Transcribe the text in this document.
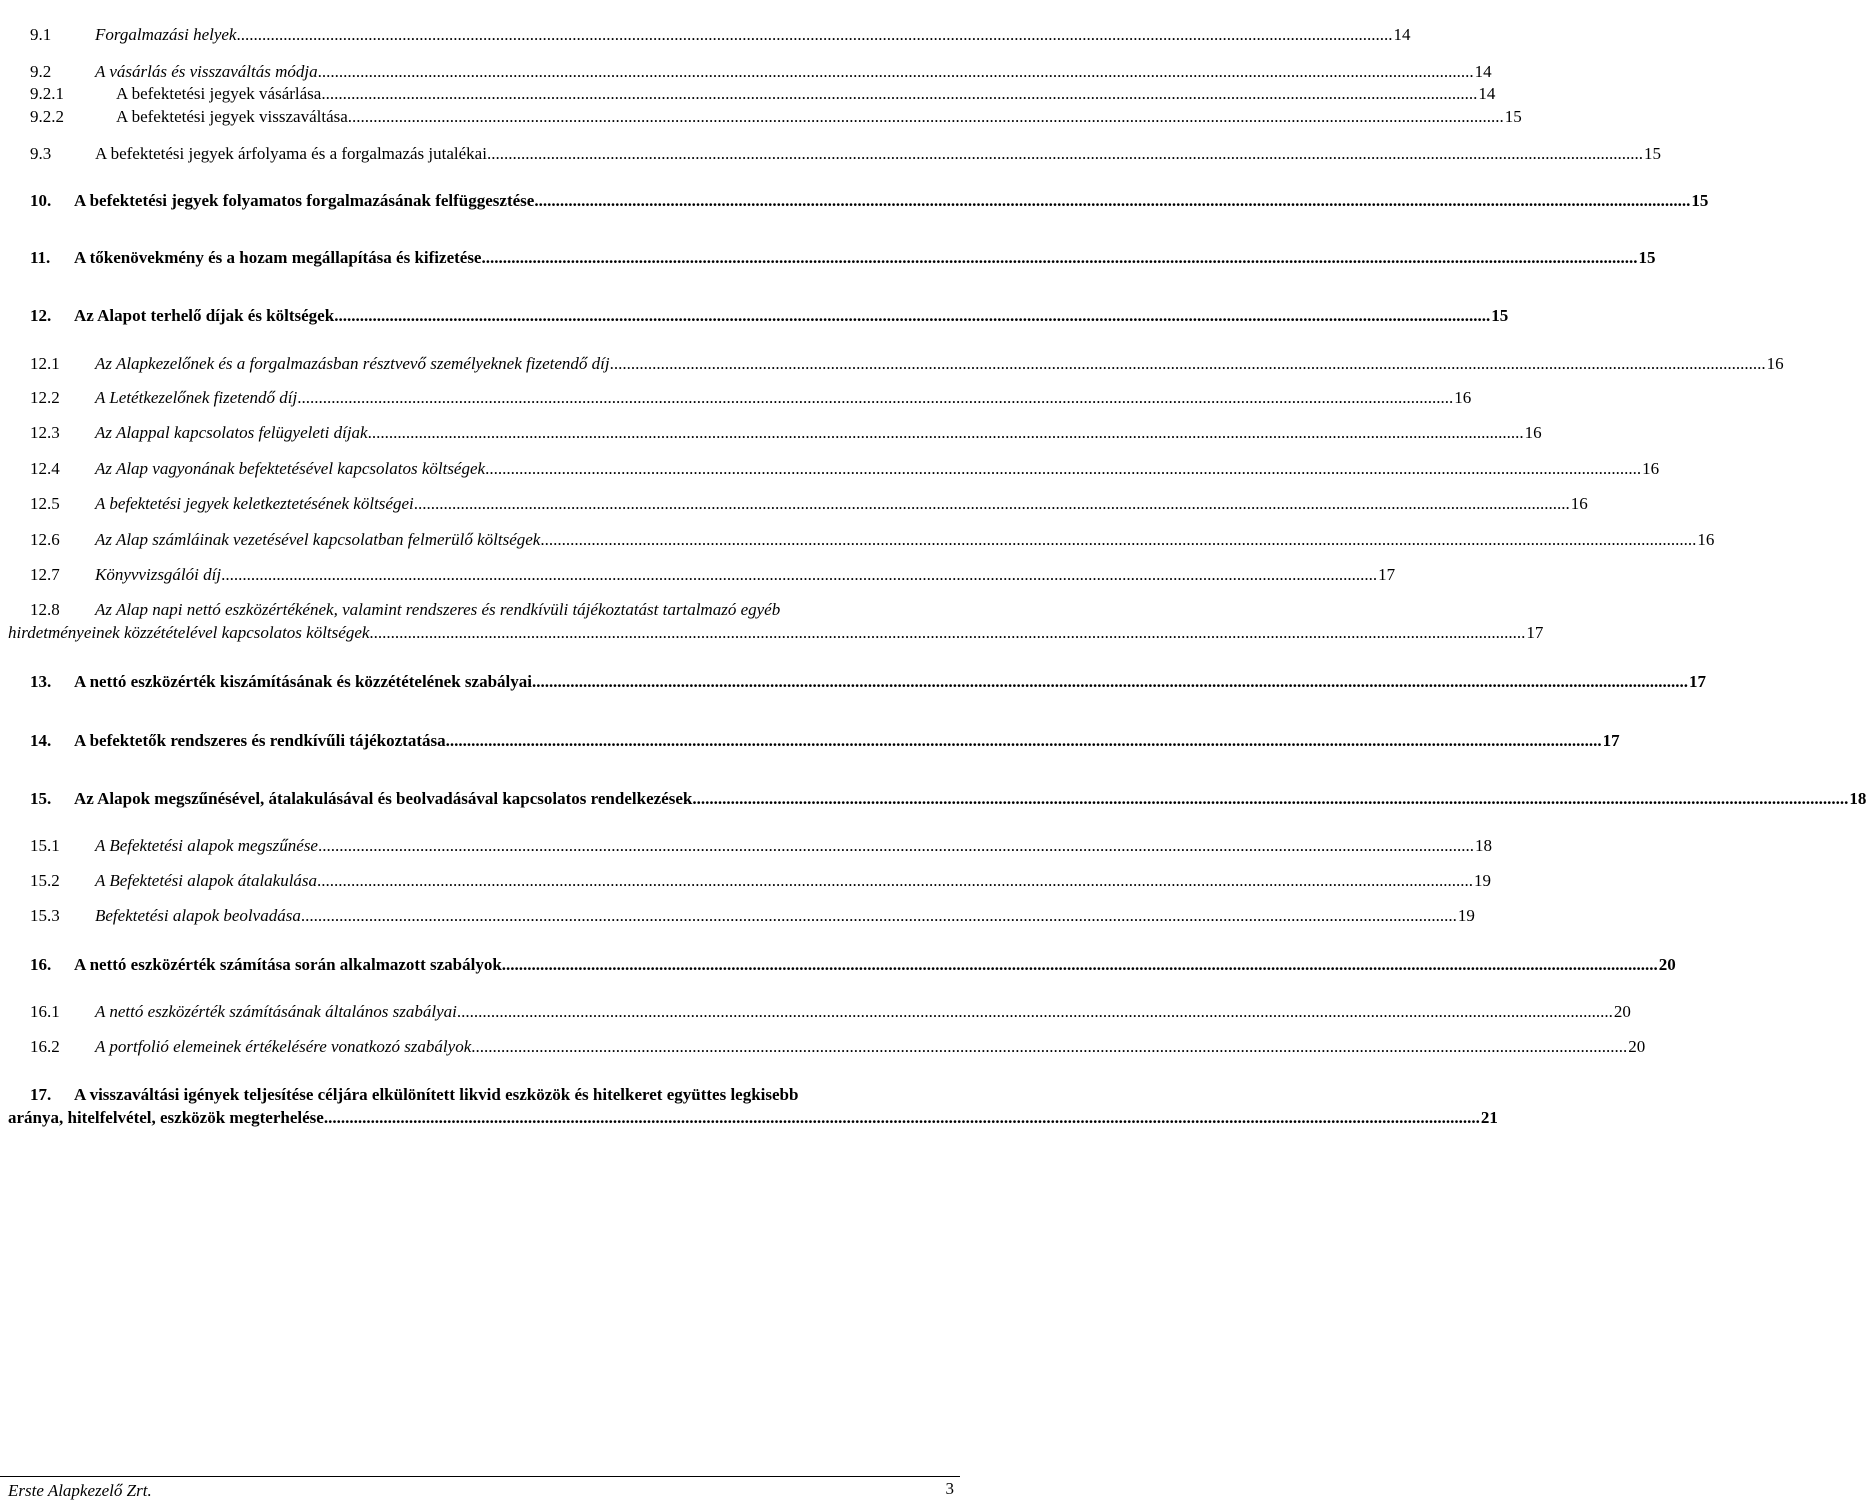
9.1	Forgalmazási helyek .....	14
9.2	A vásárlás és visszaváltás módja .....	14
9.2.1	A befektetési jegyek vásárlása .....	14
9.2.2	A befektetési jegyek visszaváltása .....	15
9.3	A befektetési jegyek árfolyama és a forgalmazás jutalékai .....	15
10.	A befektetési jegyek folyamatos forgalmazásának felfüggesztése .....	15
11.	A tőkenövekmény és a hozam megállapítása és kifizetése .....	15
12.	Az Alapot terhelő díjak és költségek .....	15
12.1	Az Alapkezelőnek és a forgalmazásban résztvevő személyeknek fizetendő díj .....	16
12.2	A Letétkezelőnek fizetendő díj .....	16
12.3	Az Alappal kapcsolatos felügyeleti díjak .....	16
12.4	Az Alap vagyonának befektetésével kapcsolatos költségek .....	16
12.5	A befektetési jegyek keletkeztetésének költségei .....	16
12.6	Az Alap számláinak vezetésével kapcsolatban felmerülő költségek .....	16
12.7	Könyvvizsgálói díj .....	17
12.8 Az Alap napi nettó eszközértékének, valamint rendszeres és rendkívüli tájékoztatást tartalmazó egyéb
hirdetményeinek közzétételével kapcsolatos költségek .....	17
13.	A nettó eszközérték kiszámításának és közzétételének szabályai .....	17
14.	A befektetők rendszeres és rendkívűli tájékoztatása .....	17
15.	Az Alapok megszűnésével, átalakulásával és beolvadásával kapcsolatos rendelkezések .....	18
15.1	A Befektetési alapok megszűnése .....	18
15.2	A Befektetési alapok átalakulása .....	19
15.3	Befektetési alapok beolvadása .....	19
16.	A nettó eszközérték számítása során alkalmazott szabályok .....	20
16.1	A nettó eszközérték számításának általános szabályai .....	20
16.2	A portfolió elemeinek értékelésére vonatkozó szabályok .....	20
17. A visszaváltási igények teljesítése céljára elkülönített likvid eszközök és hitelkeret együttes legkisebb
aránya, hitelfelvétel, eszközök megterhelése .....	21
Erste Alapkezelő Zrt.	3
